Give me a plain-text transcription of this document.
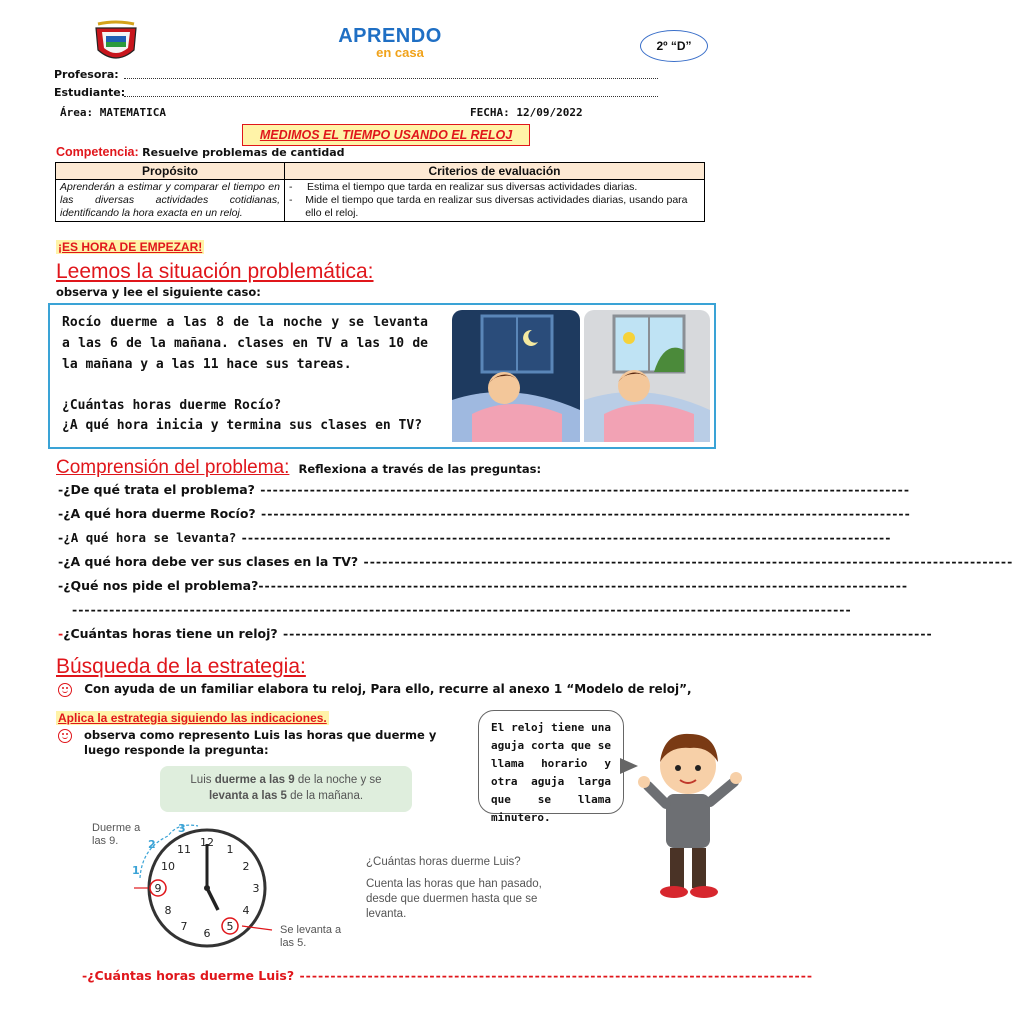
APRENDO
en casa	2º “D”
Profesora:
Estudiante:
Área: MATEMATICA	FECHA: 12/09/2022
MEDIMOS EL TIEMPO USANDO EL RELOJ
Competencia: Resuelve problemas de cantidad
Propósito	Criterios de evaluación
Aprenderán a estimar y comparar el tiempo en las diversas actividades cotidianas, identificando la hora exacta en un reloj.	- Estima el tiempo que tarda en realizar sus diversas actividades diarias.
- Mide el tiempo que tarda en realizar sus diversas actividades diarias, usando para ello el reloj.
¡ES HORA DE EMPEZAR!
Leemos la situación problemática:
observa y lee el siguiente caso:
Rocío duerme a las 8 de la noche y se levanta a las 6 de la mañana. clases en TV a las 10 de la mañana y a las 11 hace sus tareas.
¿Cuántas horas duerme Rocío?
¿A qué hora inicia y termina sus clases en TV?
Comprensión del problema: Reflexiona a través de las preguntas:
- ¿De qué trata el problema? ---------------------------------------------------------------------------------------------------------
- ¿A qué hora duerme Rocío? ---------------------------------------------------------------------------------------------------------
- ¿A qué hora se levanta? ---------------------------------------------------------------------------------------------------------
- ¿A qué hora debe ver sus clases en la TV? ---------------------------------------------------------------------------------------------------------
- ¿Qué nos pide el problema? ---------------------------------------------------------------------------------------------------------
------------------------------------------------------------------------------------------------------------------------------
- ¿Cuántas horas tiene un reloj? ---------------------------------------------------------------------------------------------------------
Búsqueda de la estrategia:
Con ayuda de un familiar elabora tu reloj, Para ello, recurre al anexo 1 “Modelo de reloj”,
Aplica la estrategia siguiendo las indicaciones.
observa como represento Luis las horas que duerme y luego responde la pregunta:
El reloj tiene una aguja corta que se llama horario y otra aguja larga que se llama minutero.
Luis duerme a las 9 de la noche y se
levanta a las 5 de la mañana.
Duerme a las 9.
Se levanta a las 5.
12
1
2
3
4
5
6
7
8
9
10
11
1
2
3
¿Cuántas horas duerme Luis?
Cuenta las horas que han pasado, desde que duermen hasta que se levanta.
- ¿Cuántas horas duerme Luis? -----------------------------------------------------------------------------------
